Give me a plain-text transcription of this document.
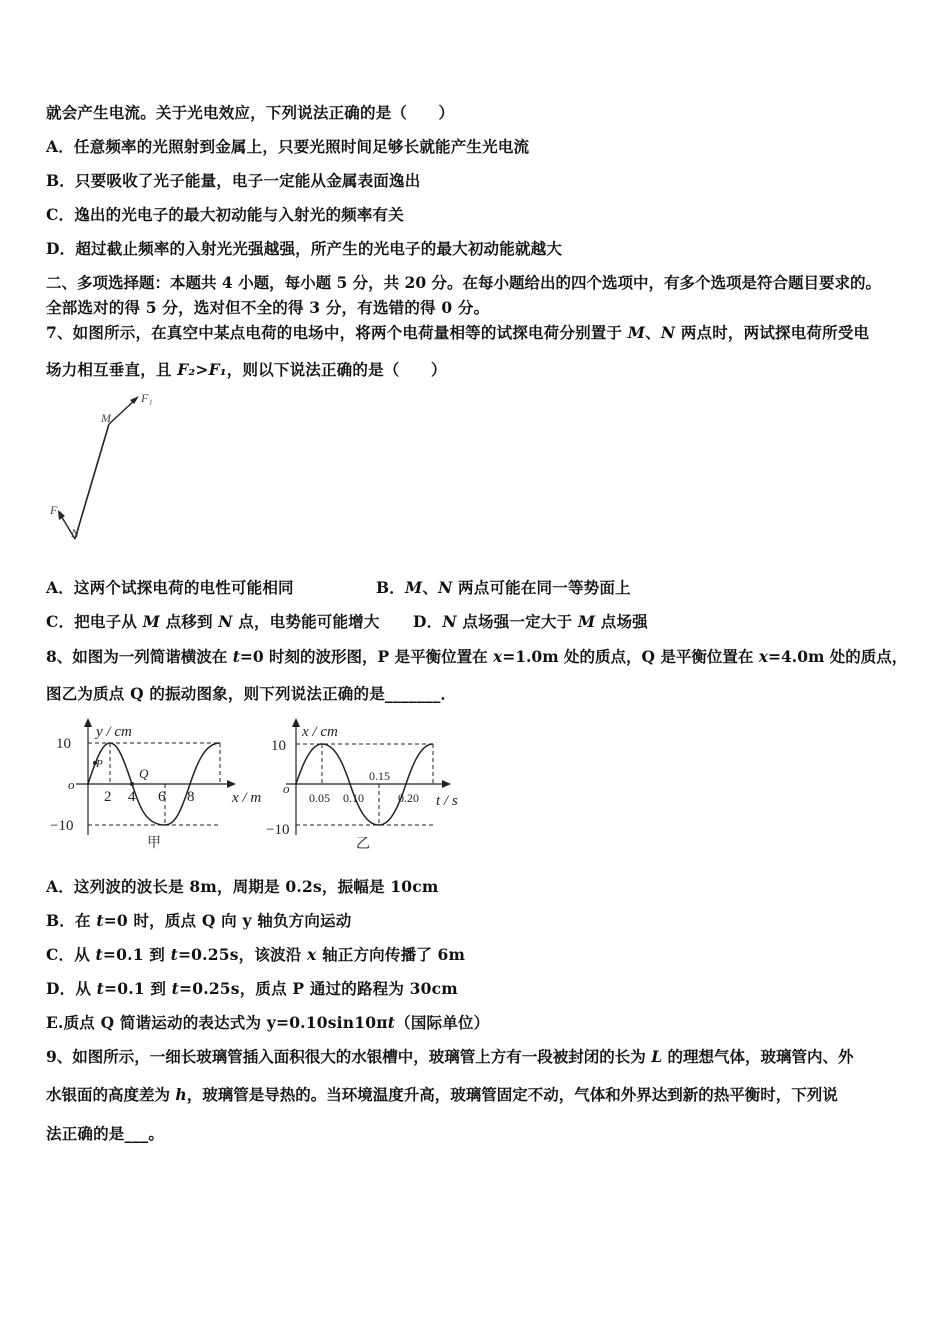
就会产生电流。关于光电效应，下列说法正确的是（　　）
A．任意频率的光照射到金属上，只要光照时间足够长就能产生光电流
B．只要吸收了光子能量，电子一定能从金属表面逸出
C．逸出的光电子的最大初动能与入射光的频率有关
D．超过截止频率的入射光光强越强，所产生的光电子的最大初动能就越大
二、多项选择题：本题共 4 小题，每小题 5 分，共 20 分。在每小题给出的四个选项中，有多个选项是符合题目要求的。
全部选对的得 5 分，选对但不全的得 3 分，有选错的得 0 分。
7、如图所示，在真空中某点电荷的电场中，将两个电荷量相等的试探电荷分别置于 M、N 两点时，两试探电荷所受电
场力相互垂直，且 F₂>F₁，则以下说法正确的是（　　）
F₁
F₂
M
N
A．这两个试探电荷的电性可能相同	B．M、N 两点可能在同一等势面上
C．把电子从 M 点移到 N 点，电势能可能增大 D．N 点场强一定大于 M 点场强
8、如图为一列简谐横波在 t=0 时刻的波形图，P 是平衡位置在 x=1.0m 处的质点，Q 是平衡位置在 x=4.0m 处的质点，
图乙为质点 Q 的振动图象，则下列说法正确的是_______．
y / cm
x / m
o
10
−10
2 4 6 8
P
Q
甲
x / cm
t / s
o
10
−10
0.05 0.10
0.15
0.20
乙
A．这列波的波长是 8m，周期是 0.2s，振幅是 10cm
B．在 t=0 时，质点 Q 向 y 轴负方向运动
C．从 t=0.1 到 t=0.25s，该波沿 x 轴正方向传播了 6m
D．从 t=0.1 到 t=0.25s，质点 P 通过的路程为 30cm
E.质点 Q 简谐运动的表达式为 y=0.10sin10πt（国际单位）
9、如图所示，一细长玻璃管插入面积很大的水银槽中，玻璃管上方有一段被封闭的长为 L 的理想气体，玻璃管内、外
水银面的高度差为 h，玻璃管是导热的。当环境温度升高，玻璃管固定不动，气体和外界达到新的热平衡时，下列说
法正确的是___。
